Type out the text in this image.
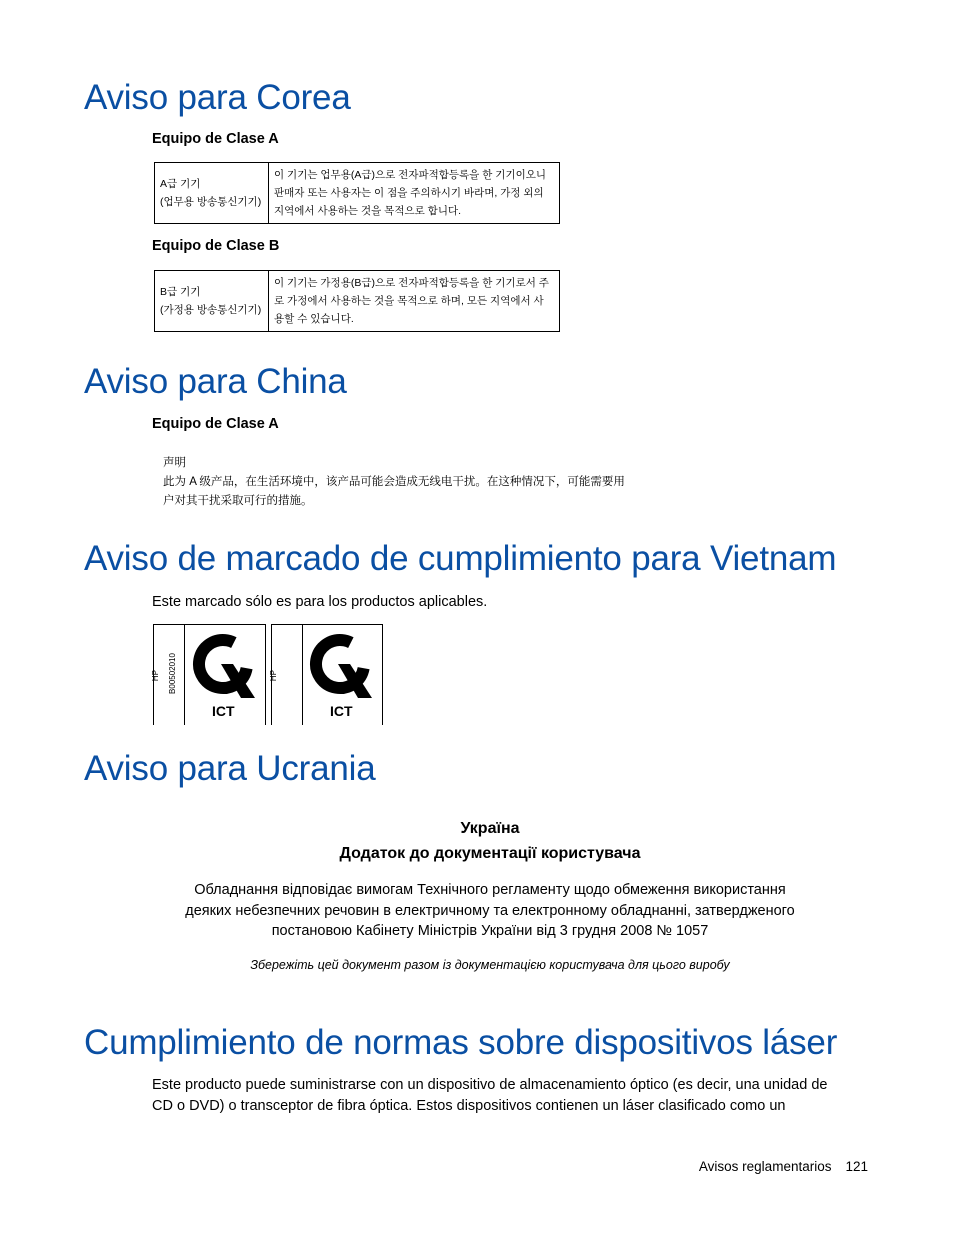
Aviso para Corea

Equipo de Clase A

A급 기기
(업무용 방송통신기기)

이 기기는 업무용(A급)으로 전자파적합등록을 한 기기이오니
판매자 또는 사용자는 이 점을 주의하시기 바라며, 가정 외의
지역에서 사용하는 것을 목적으로 합니다.

Equipo de Clase B

B급 기기
(가정용 방송통신기기)

이 기기는 가정용(B급)으로 전자파적합등록을 한 기기로서 주
로 가정에서 사용하는 것을 목적으로 하며, 모든 지역에서 사
용할 수 있습니다.
Aviso para China

Equipo de Clase A

声明
此为 A 级产品，在生活环境中，该产品可能会造成无线电干扰。在这种情况下，可能需要用
户对其干扰采取可行的措施。
Aviso de marcado de cumplimiento para Vietnam

Este marcado sólo es para los productos aplicables.

HP B00502010
ICT
HP
ICT
Aviso para Ucrania

Україна

Додаток до документації користувача

Обладнання відповідає вимогам Технічного регламенту щодо обмеження використання
деяких небезпечних речовин в електричному та електронному обладнанні, затвердженого
постановою Кабінету Міністрів України від 3 грудня 2008 № 1057

Збережіть цей документ разом із документацією користувача для цього виробу

Cumplimiento de normas sobre dispositivos láser
Este producto puede suministrarse con un dispositivo de almacenamiento óptico (es decir, una unidad de
CD o DVD) o transceptor de fibra óptica. Estos dispositivos contienen un láser clasificado como un
Avisos reglamentarios 121
